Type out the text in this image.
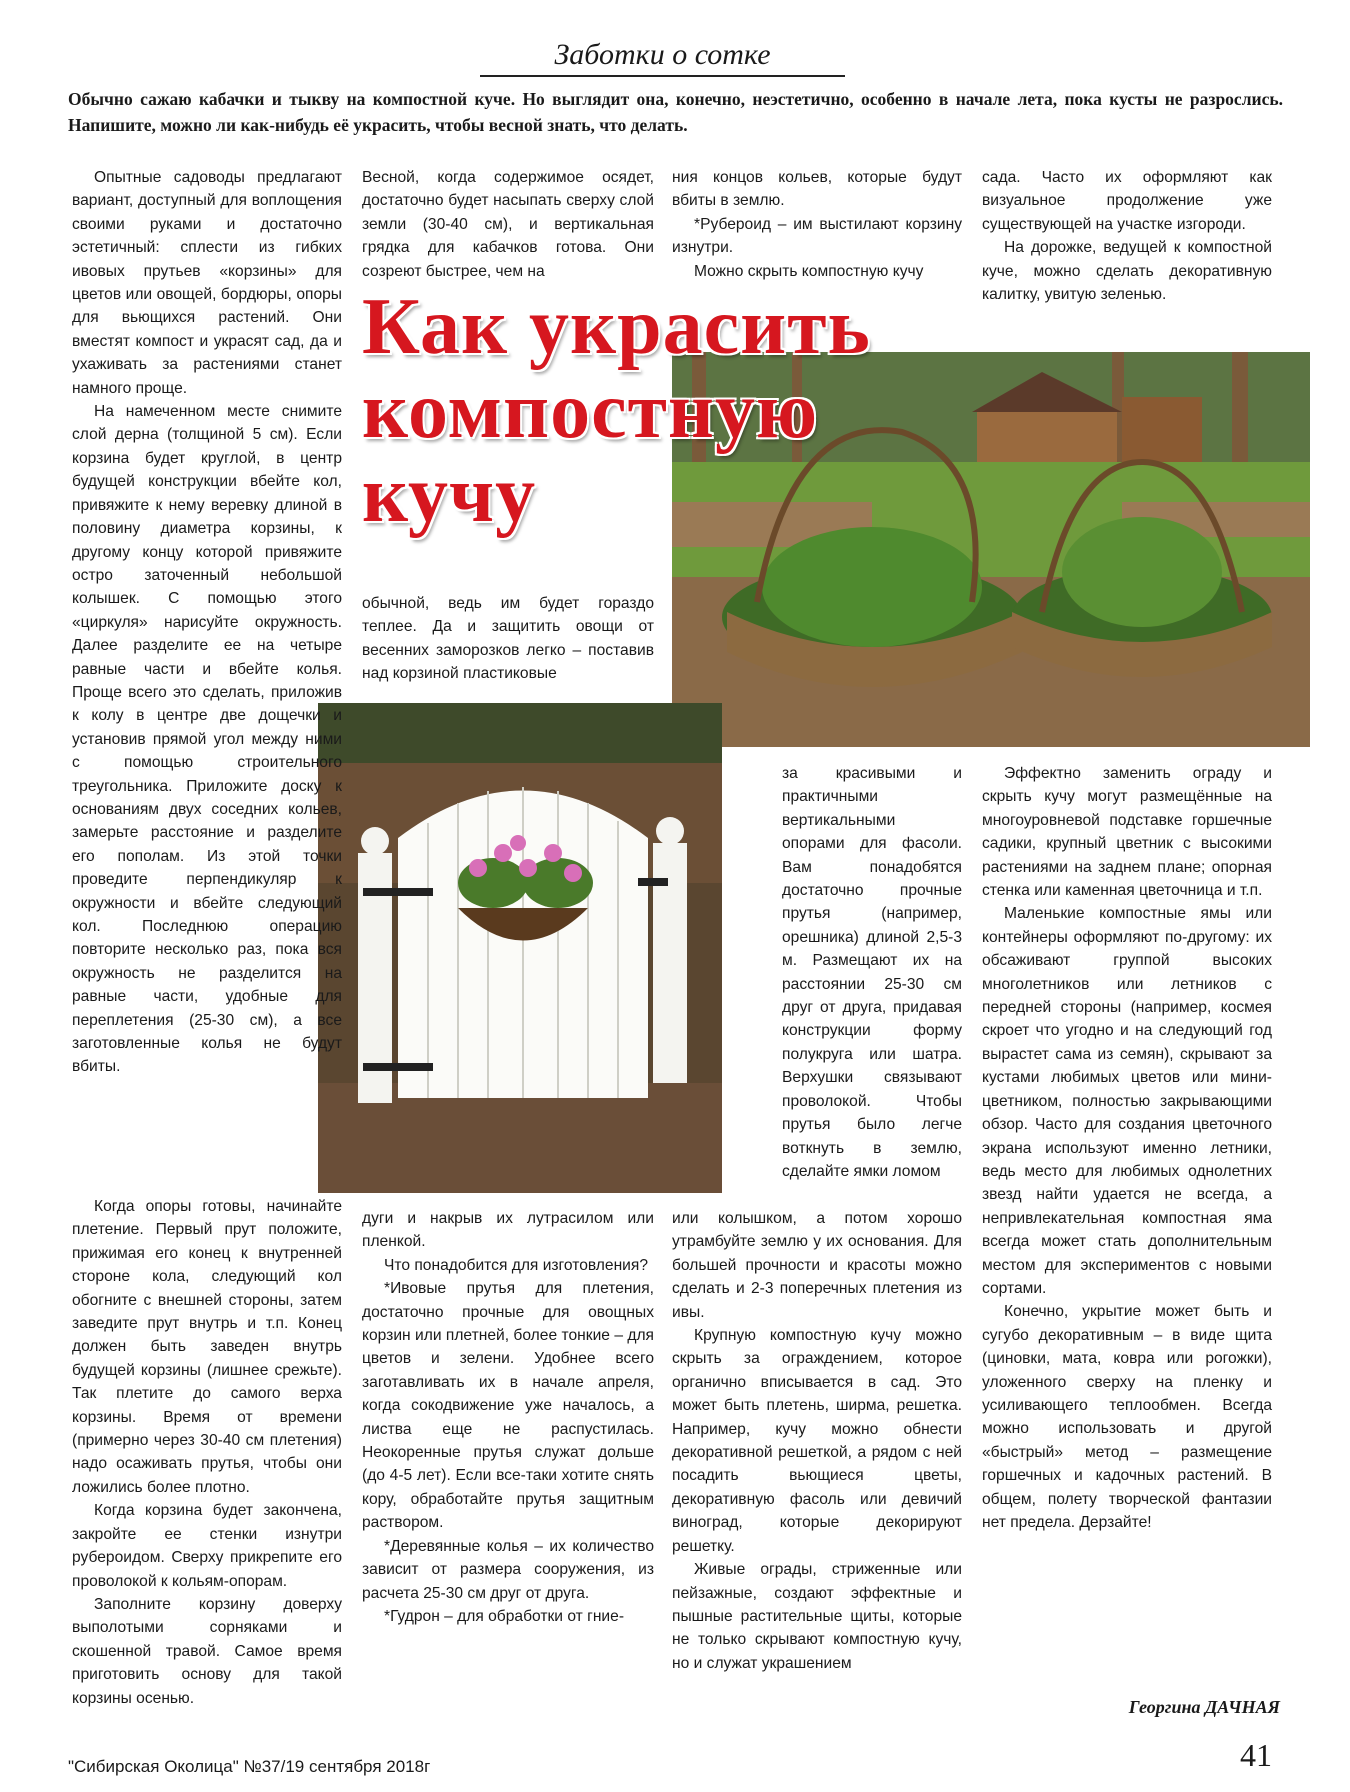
Заботки о сотке
Обычно сажаю кабачки и тыкву на компостной куче. Но выглядит она, конечно, неэстетично, особенно в начале лета, пока кусты не разрослись. Напишите, можно ли как-нибудь её украсить, чтобы весной знать, что делать.
Как украсить
компостную
кучу

Опытные садоводы предлагают вариант, доступный для воплощения своими руками и достаточно эстетичный: сплести из гибких ивовых прутьев «корзины» для цветов или овощей, бордюры, опоры для вьющихся растений. Они вместят компост и украсят сад, да и ухаживать за растениями станет намного проще.

На намеченном месте снимите слой дерна (толщиной 5 см). Если корзина будет круглой, в центр будущей конструкции вбейте кол, привяжите к нему веревку длиной в половину диаметра корзины, к другому концу которой привяжите остро заточенный небольшой колышек. С помощью этого «циркуля» нарисуйте окружность. Далее разделите ее на четыре равные части и вбейте колья. Проще всего это сделать, приложив к колу в центре две дощечки и установив прямой угол между ними с помощью строительного треугольника. Приложите доску к основаниям двух соседних кольев, замерьте расстояние и разделите его пополам. Из этой точки проведите перпендикуляр к окружности и вбейте следующий кол. Последнюю операцию повторите несколько раз, пока вся окружность не разделится на равные части, удобные для переплетения (25-30 см), а все заготовленные колья не будут вбиты.

Когда опоры готовы, начинайте плетение. Первый прут положите, прижимая его конец к внутренней стороне кола, следующий кол обогните с внешней стороны, затем заведите прут внутрь и т.п. Конец должен быть заведен внутрь будущей корзины (лишнее срежьте). Так плетите до самого верха корзины. Время от времени (примерно через 30-40 см плетения) надо осаживать прутья, чтобы они ложились более плотно.

Когда корзина будет закончена, закройте ее стенки изнутри рубероидом. Сверху прикрепите его проволокой к кольям-опорам.

Заполните корзину доверху выполотыми сорняками и скошенной травой. Самое время приготовить основу для такой корзины осенью.

Весной, когда содержимое осядет, достаточно будет насыпать сверху слой земли (30-40 см), и вертикальная грядка для кабачков готова. Они созреют быстрее, чем на

обычной, ведь им будет гораздо теплее. Да и защитить овощи от весенних заморозков легко – поставив над корзиной пластиковые

дуги и накрыв их лутрасилом или пленкой.

Что понадобится для изготовления?

*Ивовые прутья для плетения, достаточно прочные для овощных корзин или плетней, более тонкие – для цветов и зелени. Удобнее всего заготавливать их в начале апреля, когда сокодвижение уже началось, а листва еще не распустилась. Неокоренные прутья служат дольше (до 4-5 лет). Если все-таки хотите снять кору, обработайте прутья защитным раствором.

*Деревянные колья – их количество зависит от размера сооружения, из расчета 25-30 см друг от друга.

*Гудрон – для обработки от гние-

ния концов кольев, которые будут вбиты в землю.

*Рубероид – им выстилают корзину изнутри.

Можно скрыть компостную кучу

за красивыми и практичными вертикальными опорами для фасоли. Вам понадобятся достаточно прочные прутья (например, орешника) длиной 2,5-3 м. Размещают их на расстоянии 25-30 см друг от друга, придавая конструкции форму полукруга или шатра. Верхушки связывают проволокой. Чтобы прутья было легче воткнуть в землю, сделайте ямки ломом

или колышком, а потом хорошо утрамбуйте землю у их основания. Для большей прочности и красоты можно сделать и 2-3 поперечных плетения из ивы.

Крупную компостную кучу можно скрыть за ограждением, которое органично вписывается в сад. Это может быть плетень, ширма, решетка. Например, кучу можно обнести декоративной решеткой, а рядом с ней посадить вьющиеся цветы, декоративную фасоль или девичий виноград, которые декорируют решетку.

Живые ограды, стриженные или пейзажные, создают эффектные и пышные растительные щиты, которые не только скрывают компостную кучу, но и служат украшением

сада. Часто их оформляют как визуальное продолжение уже существующей на участке изгороди.

На дорожке, ведущей к компостной куче, можно сделать декоративную калитку, увитую зеленью.

Эффектно заменить ограду и скрыть кучу могут размещённые на многоуровневой подставке горшечные садики, крупный цветник с высокими растениями на заднем плане; опорная стенка или каменная цветочница и т.п.

Маленькие компостные ямы или контейнеры оформляют по-другому: их обсаживают группой высоких многолетников или летников с передней стороны (например, космея скроет что угодно и на следующий год вырастет сама из семян), скрывают за кустами любимых цветов или мини-цветником, полностью закрывающими обзор. Часто для создания цветочного экрана используют именно летники, ведь место для любимых однолетних звезд найти удается не всегда, а непривлекательная компостная яма всегда может стать дополнительным местом для экспериментов с новыми сортами.

Конечно, укрытие может быть и сугубо декоративным – в виде щита (циновки, мата, ковра или рогожки), уложенного сверху на пленку и усиливающего теплообмен. Всегда можно использовать и другой «быстрый» метод – размещение горшечных и кадочных растений. В общем, полету творческой фантазии нет предела. Дерзайте!

Георгина ДАЧНАЯ
"Сибирская Околица" №37/19 сентября 2018г	41
